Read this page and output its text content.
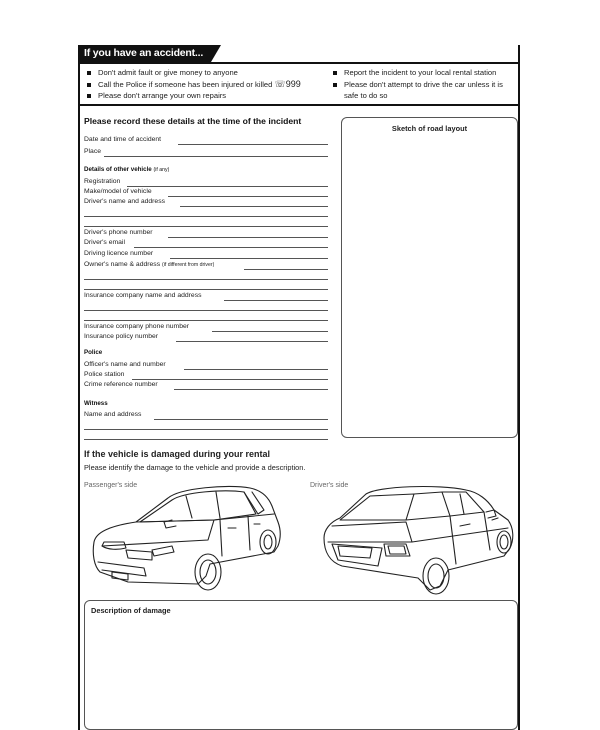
If you have an accident...
Don't admit fault or give money to anyone
Call the Police if someone has been injured or killed ☏999
Please don't arrange your own repairs
Report the incident to your local rental station
Please don't attempt to drive the car unless it is safe to do so
Please record these details at the time of the incident
Date and time of accident
Place
Details of other vehicle (if any)
Registration
Make/model of vehicle
Driver's name and address
Driver's phone number
Driver's email
Driving licence number
Owner's name & address (if different from driver)
Insurance company name and address
Insurance company phone number
Insurance policy number
Police
Officer's name and number
Police station
Crime reference number
Witness
Name and address
Sketch of road layout
If the vehicle is damaged during your rental
Please identify the damage to the vehicle and provide a description.
Passenger's side	Driver's side
Description of damage
